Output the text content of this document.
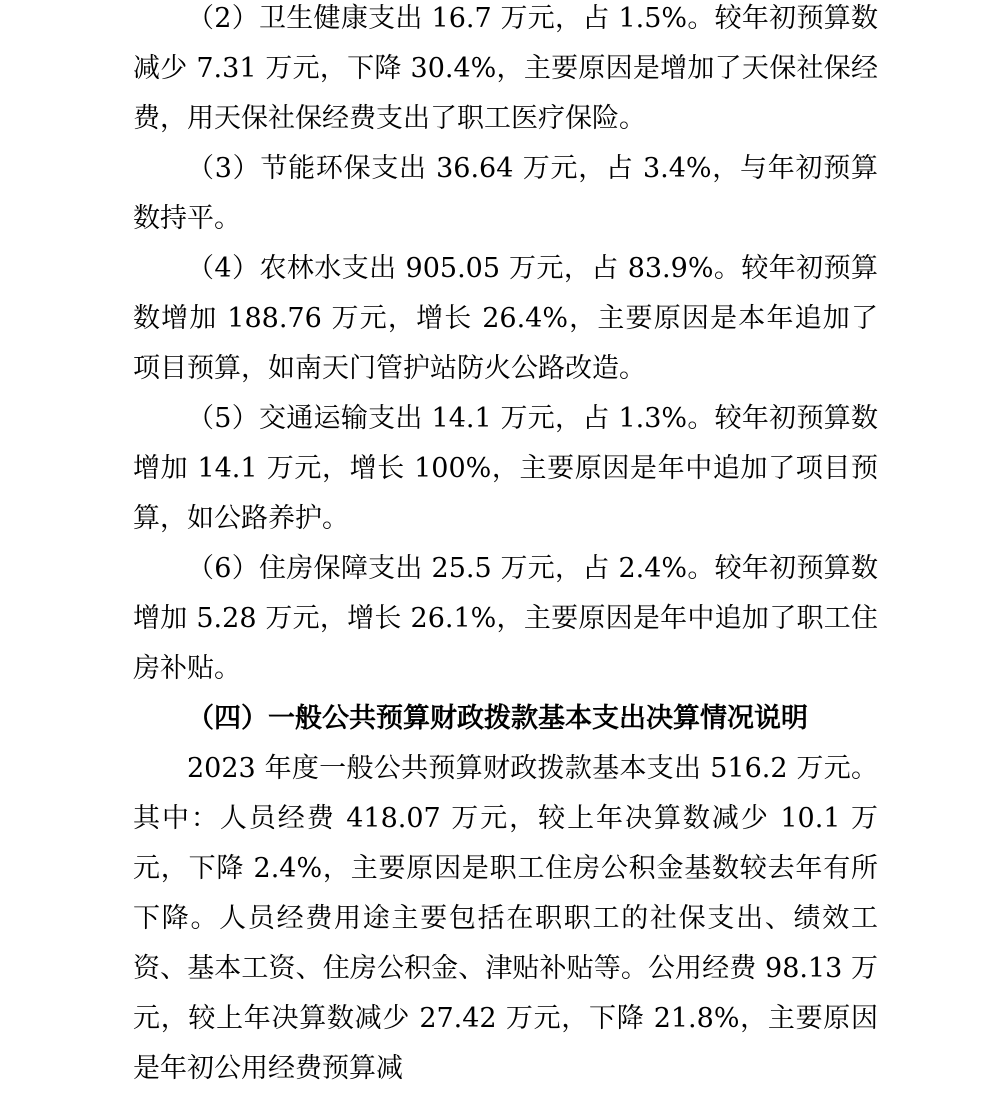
（2）卫生健康支出 16.7 万元，占 1.5%。较年初预算数减少 7.31 万元，下降 30.4%，主要原因是增加了天保社保经费，用天保社保经费支出了职工医疗保险。

（3）节能环保支出 36.64 万元，占 3.4%，与年初预算数持平。

（4）农林水支出 905.05 万元，占 83.9%。较年初预算数增加 188.76 万元，增长 26.4%，主要原因是本年追加了项目预算，如南天门管护站防火公路改造。

（5）交通运输支出 14.1 万元，占 1.3%。较年初预算数增加 14.1 万元，增长 100%，主要原因是年中追加了项目预算，如公路养护。

（6）住房保障支出 25.5 万元，占 2.4%。较年初预算数增加 5.28 万元，增长 26.1%，主要原因是年中追加了职工住房补贴。

（四）一般公共预算财政拨款基本支出决算情况说明

2023 年度一般公共预算财政拨款基本支出 516.2 万元。其中：人员经费 418.07 万元，较上年决算数减少 10.1 万元，下降 2.4%，主要原因是职工住房公积金基数较去年有所下降。人员经费用途主要包括在职职工的社保支出、绩效工资、基本工资、住房公积金、津贴补贴等。公用经费 98.13 万元，较上年决算数减少 27.42 万元，下降 21.8%，主要原因是年初公用经费预算减
